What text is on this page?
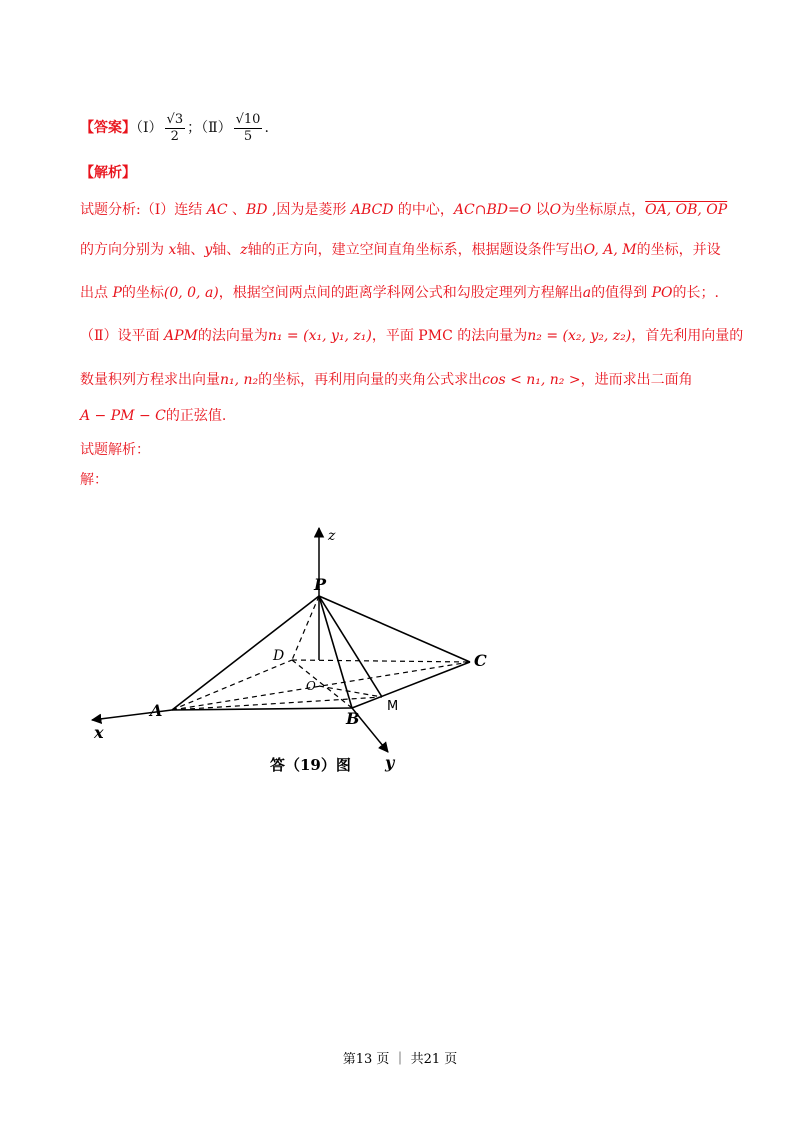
【答案】（Ⅰ） $\frac{√3}{2}$ ；（Ⅱ） $\frac{√10}{5}$ .
【解析】
试题分析:（Ⅰ）连结 AC 、BD ,因为是菱形 ABCD 的中心，AC∩BD=O 以O为坐标原点，OA, OB, OP
的方向分别为 x轴、y轴、z轴的正方向，建立空间直角坐标系，根据题设条件写出O, A, M的坐标，并设
出点 P的坐标(0, 0, a)，根据空间两点间的距离学科网公式和勾股定理列方程解出a的值得到 PO的长；.
（Ⅱ）设平面 APM的法向量为n₁ = (x₁, y₁, z₁)，平面 PMC 的法向量为n₂ = (x₂, y₂, z₂)，首先利用向量的
数量积列方程求出向量n₁, n₂的坐标，再利用向量的夹角公式求出cos < n₁, n₂ >，进而求出二面角
A − PM − C的正弦值.
试题解析：
解：
z
P
D	C
O
A	B
M
x
y
答（19）图
第13 页 ｜ 共21 页
